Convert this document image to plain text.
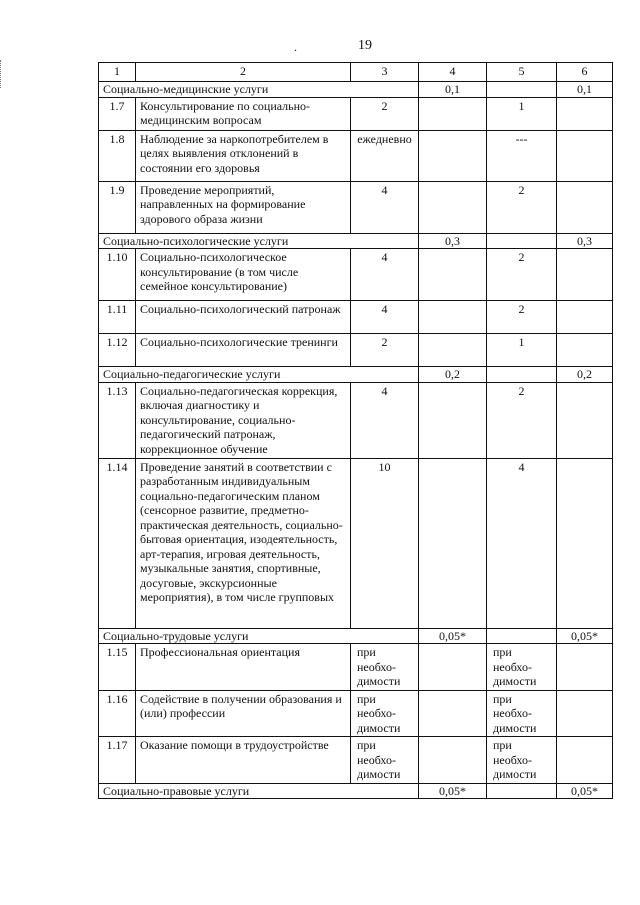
.	19
1	2	3	4	5	6
Социально-медицинские услуги			0,1		0,1
1.7	Консультирование по социально-медицинским вопросам	2		1	
1.8	Наблюдение за наркопотребителем в целях выявления отклонений в состоянии его здоровья	ежедневно		---	
1.9	Проведение мероприятий, направленных на формирование здорового образа жизни	4		2	
Социально-психологические услуги			0,3		0,3
1.10	Социально-психологическое консультирование (в том числе семейное консультирование)	4		2	
1.11	Социально-психологический патронаж	4		2	
1.12	Социально-психологические тренинги	2		1	
Социально-педагогические услуги			0,2		0,2
1.13	Социально-педагогическая коррекция, включая диагностику и консультирование, социально-педагогический патронаж, коррекционное обучение	4		2	
1.14	Проведение занятий в соответствии с разработанным индивидуальным социально-педагогическим планом (сенсорное развитие, предметно-практическая деятельность, социально-бытовая ориентация, изодеятельность, арт-терапия, игровая деятельность, музыкальные занятия, спортивные, досуговые, экскурсионные мероприятия), в том числе групповых	10		4	
Социально-трудовые услуги			0,05*		0,05*
1.15	Профессиональная ориентация	при необхо-димости		при необхо-димости	
1.16	Содействие в получении образования и (или) профессии	при необхо-димости		при необхо-димости	
1.17	Оказание помощи в трудоустройстве	при необхо-димости		при необхо-димости	
Социально-правовые услуги			0,05*		0,05*
